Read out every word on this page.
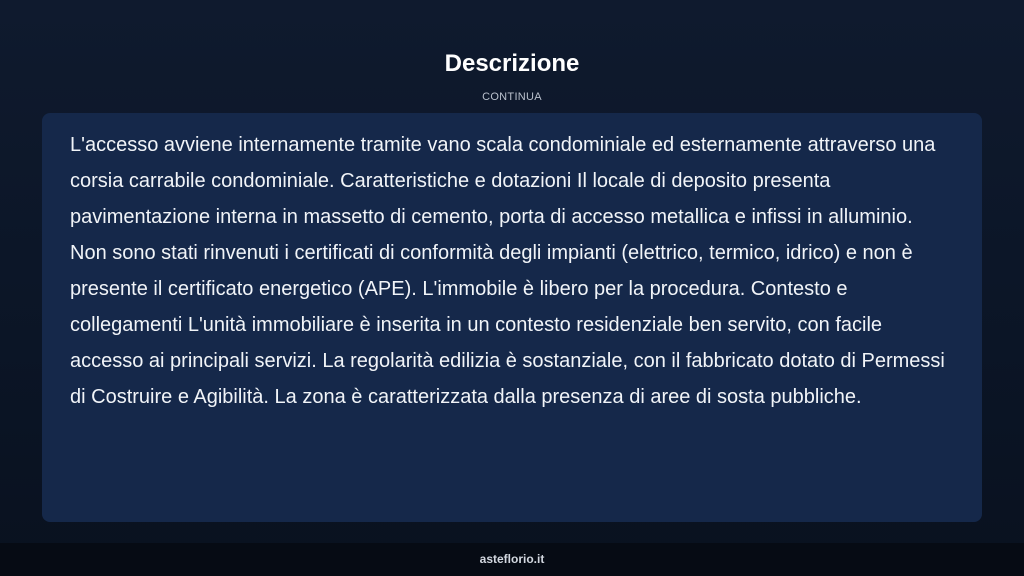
Descrizione
CONTINUA

L'accesso avviene internamente tramite vano scala condominiale ed esternamente attraverso una corsia carrabile condominiale. Caratteristiche e dotazioni Il locale di deposito presenta pavimentazione interna in massetto di cemento, porta di accesso metallica e infissi in alluminio. Non sono stati rinvenuti i certificati di conformità degli impianti (elettrico, termico, idrico) e non è presente il certificato energetico (APE). L'immobile è libero per la procedura. Contesto e collegamenti L'unità immobiliare è inserita in un contesto residenziale ben servito, con facile accesso ai principali servizi. La regolarità edilizia è sostanziale, con il fabbricato dotato di Permessi di Costruire e Agibilità. La zona è caratterizzata dalla presenza di aree di sosta pubbliche.

asteflorio.it
